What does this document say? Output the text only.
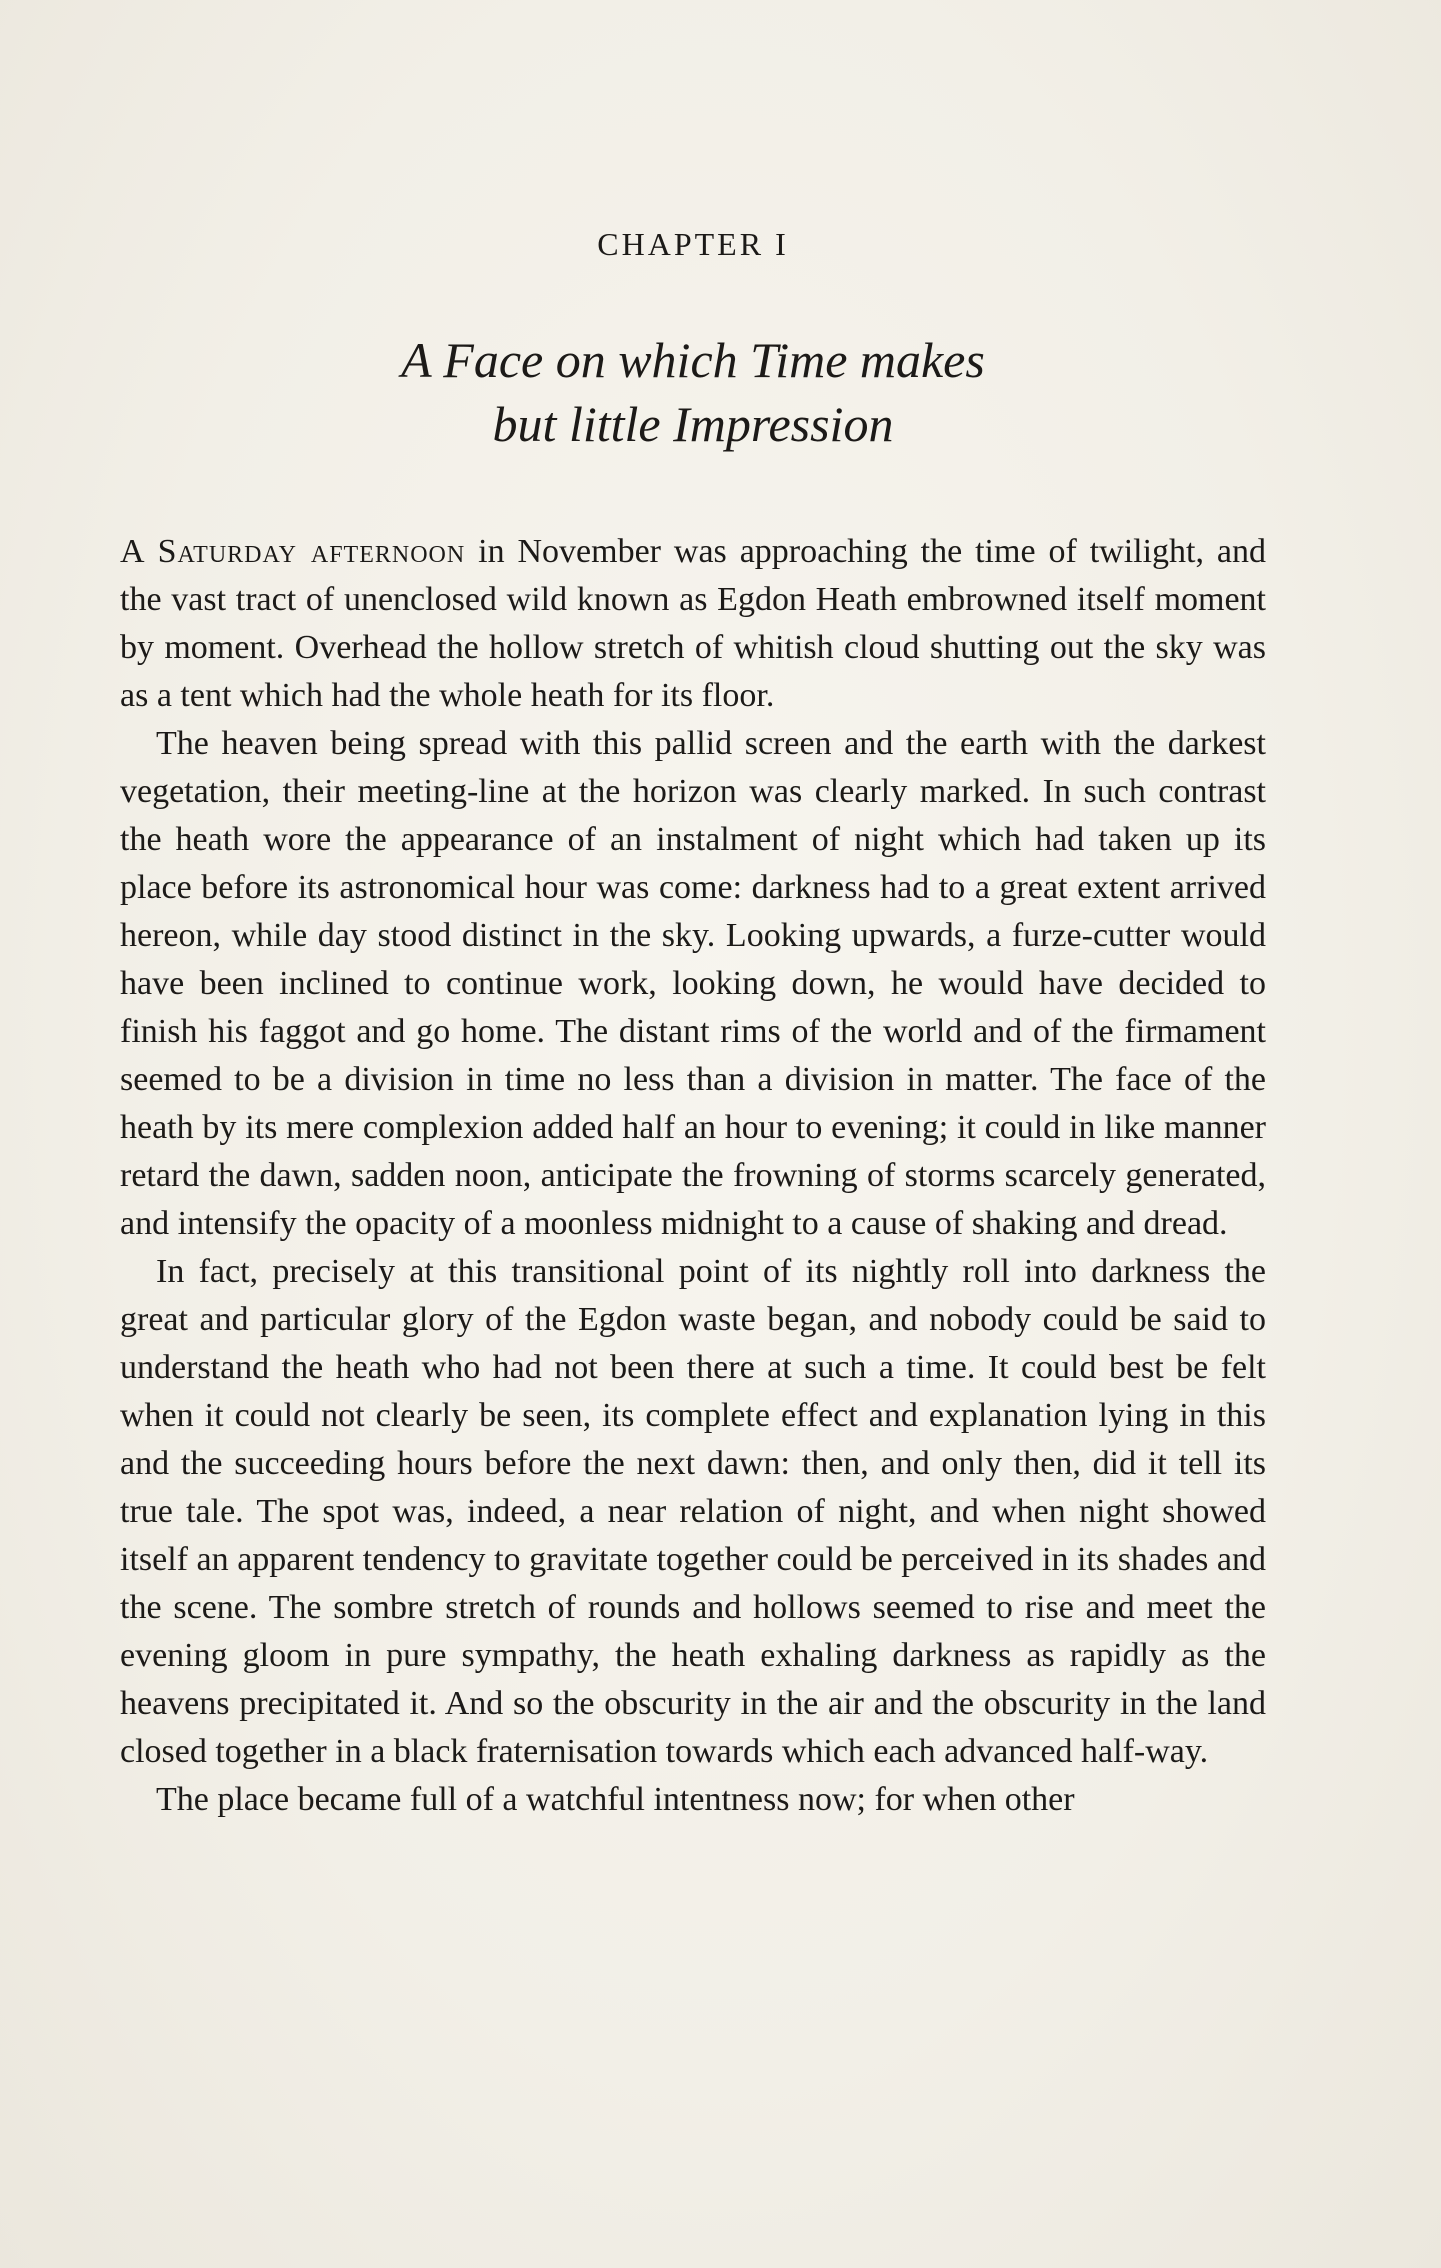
CHAPTER I
A Face on which Time makes
but little Impression

A Saturday afternoon in November was approaching the time of twilight, and the vast tract of unenclosed wild known as Egdon Heath embrowned itself moment by moment. Overhead the hollow stretch of whitish cloud shutting out the sky was as a tent which had the whole heath for its floor.

The heaven being spread with this pallid screen and the earth with the darkest vegetation, their meeting-line at the horizon was clearly marked. In such contrast the heath wore the appearance of an instalment of night which had taken up its place before its astronomical hour was come: darkness had to a great extent arrived hereon, while day stood distinct in the sky. Looking upwards, a furze-cutter would have been inclined to continue work, looking down, he would have decided to finish his faggot and go home. The distant rims of the world and of the firmament seemed to be a division in time no less than a division in matter. The face of the heath by its mere complexion added half an hour to evening; it could in like manner retard the dawn, sadden noon, anticipate the frowning of storms scarcely generated, and intensify the opacity of a moonless midnight to a cause of shaking and dread.

In fact, precisely at this transitional point of its nightly roll into darkness the great and particular glory of the Egdon waste began, and nobody could be said to understand the heath who had not been there at such a time. It could best be felt when it could not clearly be seen, its complete effect and explanation lying in this and the succeeding hours before the next dawn: then, and only then, did it tell its true tale. The spot was, indeed, a near relation of night, and when night showed itself an apparent tendency to gravitate together could be perceived in its shades and the scene. The sombre stretch of rounds and hollows seemed to rise and meet the evening gloom in pure sympathy, the heath exhaling darkness as rapidly as the heavens precipitated it. And so the obscurity in the air and the obscurity in the land closed together in a black fraternisation towards which each advanced half-way.

The place became full of a watchful intentness now; for when other
